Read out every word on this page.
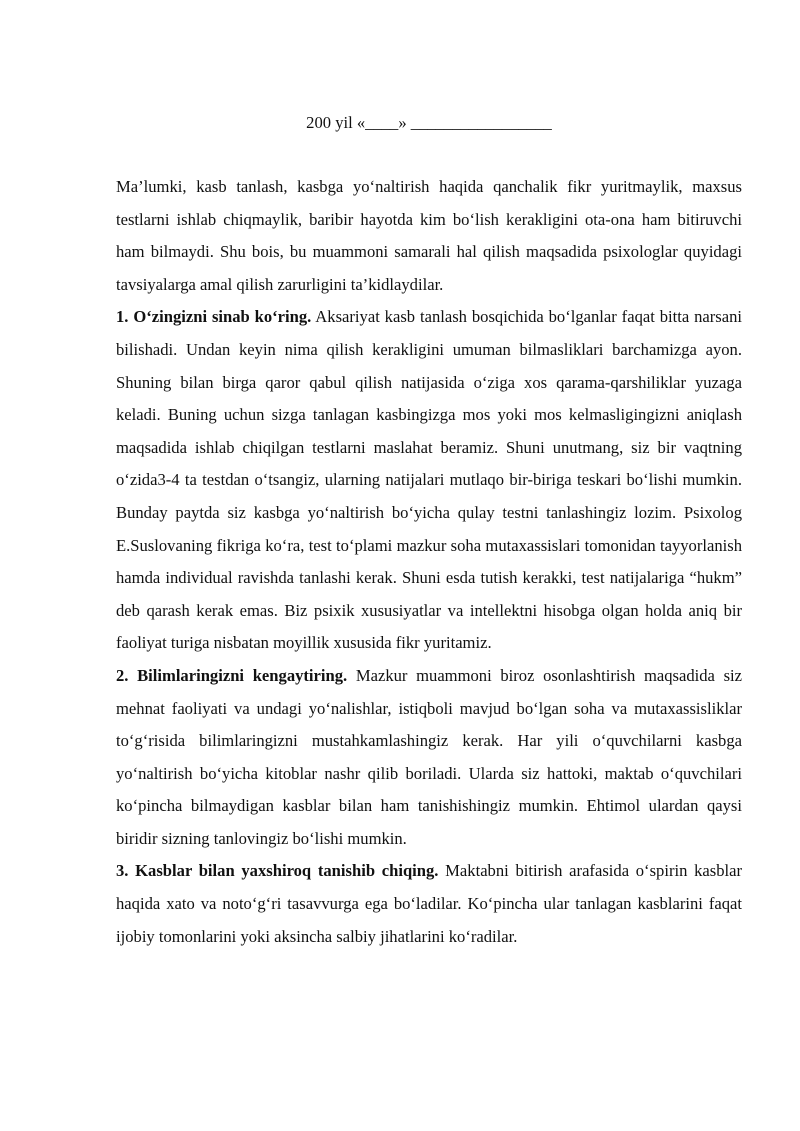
200 yil «____» _________________

Ma’lumki, kasb tanlash, kasbga yo‘naltirish haqida qanchalik fikr yuritmaylik, maxsus testlarni ishlab chiqmaylik, baribir hayotda kim bo‘lish kerakligini ota-ona ham bitiruvchi ham bilmaydi. Shu bois, bu muammoni samarali hal qilish maqsadida psixologlar quyidagi tavsiyalarga amal qilish zarurligini ta’kidlaydilar.

1. O‘zingizni sinab ko‘ring. Aksariyat kasb tanlash bosqichida bo‘lganlar faqat bitta narsani bilishadi. Undan keyin nima qilish kerakligini umuman bilmasliklari barchamizga ayon. Shuning bilan birga qaror qabul qilish natijasida o‘ziga xos qarama-qarshiliklar yuzaga keladi. Buning uchun sizga tanlagan kasbingizga mos yoki mos kelmasligingizni aniqlash maqsadida ishlab chiqilgan testlarni maslahat beramiz. Shuni unutmang, siz bir vaqtning o‘zida3-4 ta testdan o‘tsangiz, ularning natijalari mutlaqo bir-biriga teskari bo‘lishi mumkin. Bunday paytda siz kasbga yo‘naltirish bo‘yicha qulay testni tanlashingiz lozim. Psixolog E.Suslovaning fikriga ko‘ra, test to‘plami mazkur soha mutaxassislari tomonidan tayyorlanish hamda individual ravishda tanlashi kerak. Shuni esda tutish kerakki, test natijalariga “hukm” deb qarash kerak emas. Biz psixik xususiyatlar va intellektni hisobga olgan holda aniq bir faoliyat turiga nisbatan moyillik xususida fikr yuritamiz.

2. Bilimlaringizni kengaytiring. Mazkur muammoni biroz osonlashtirish maqsadida siz mehnat faoliyati va undagi yo‘nalishlar, istiqboli mavjud bo‘lgan soha va mutaxassisliklar to‘g‘risida bilimlaringizni mustahkamlashingiz kerak. Har yili o‘quvchilarni kasbga yo‘naltirish bo‘yicha kitoblar nashr qilib boriladi. Ularda siz hattoki, maktab o‘quvchilari ko‘pincha bilmaydigan kasblar bilan ham tanishishingiz mumkin. Ehtimol ulardan qaysi biridir sizning tanlovingiz bo‘lishi mumkin.

3. Kasblar bilan yaxshiroq tanishib chiqing. Maktabni bitirish arafasida o‘spirin kasblar haqida xato va noto‘g‘ri tasavvurga ega bo‘ladilar. Ko‘pincha ular tanlagan kasblarini faqat ijobiy tomonlarini yoki aksincha salbiy jihatlarini ko‘radilar.
